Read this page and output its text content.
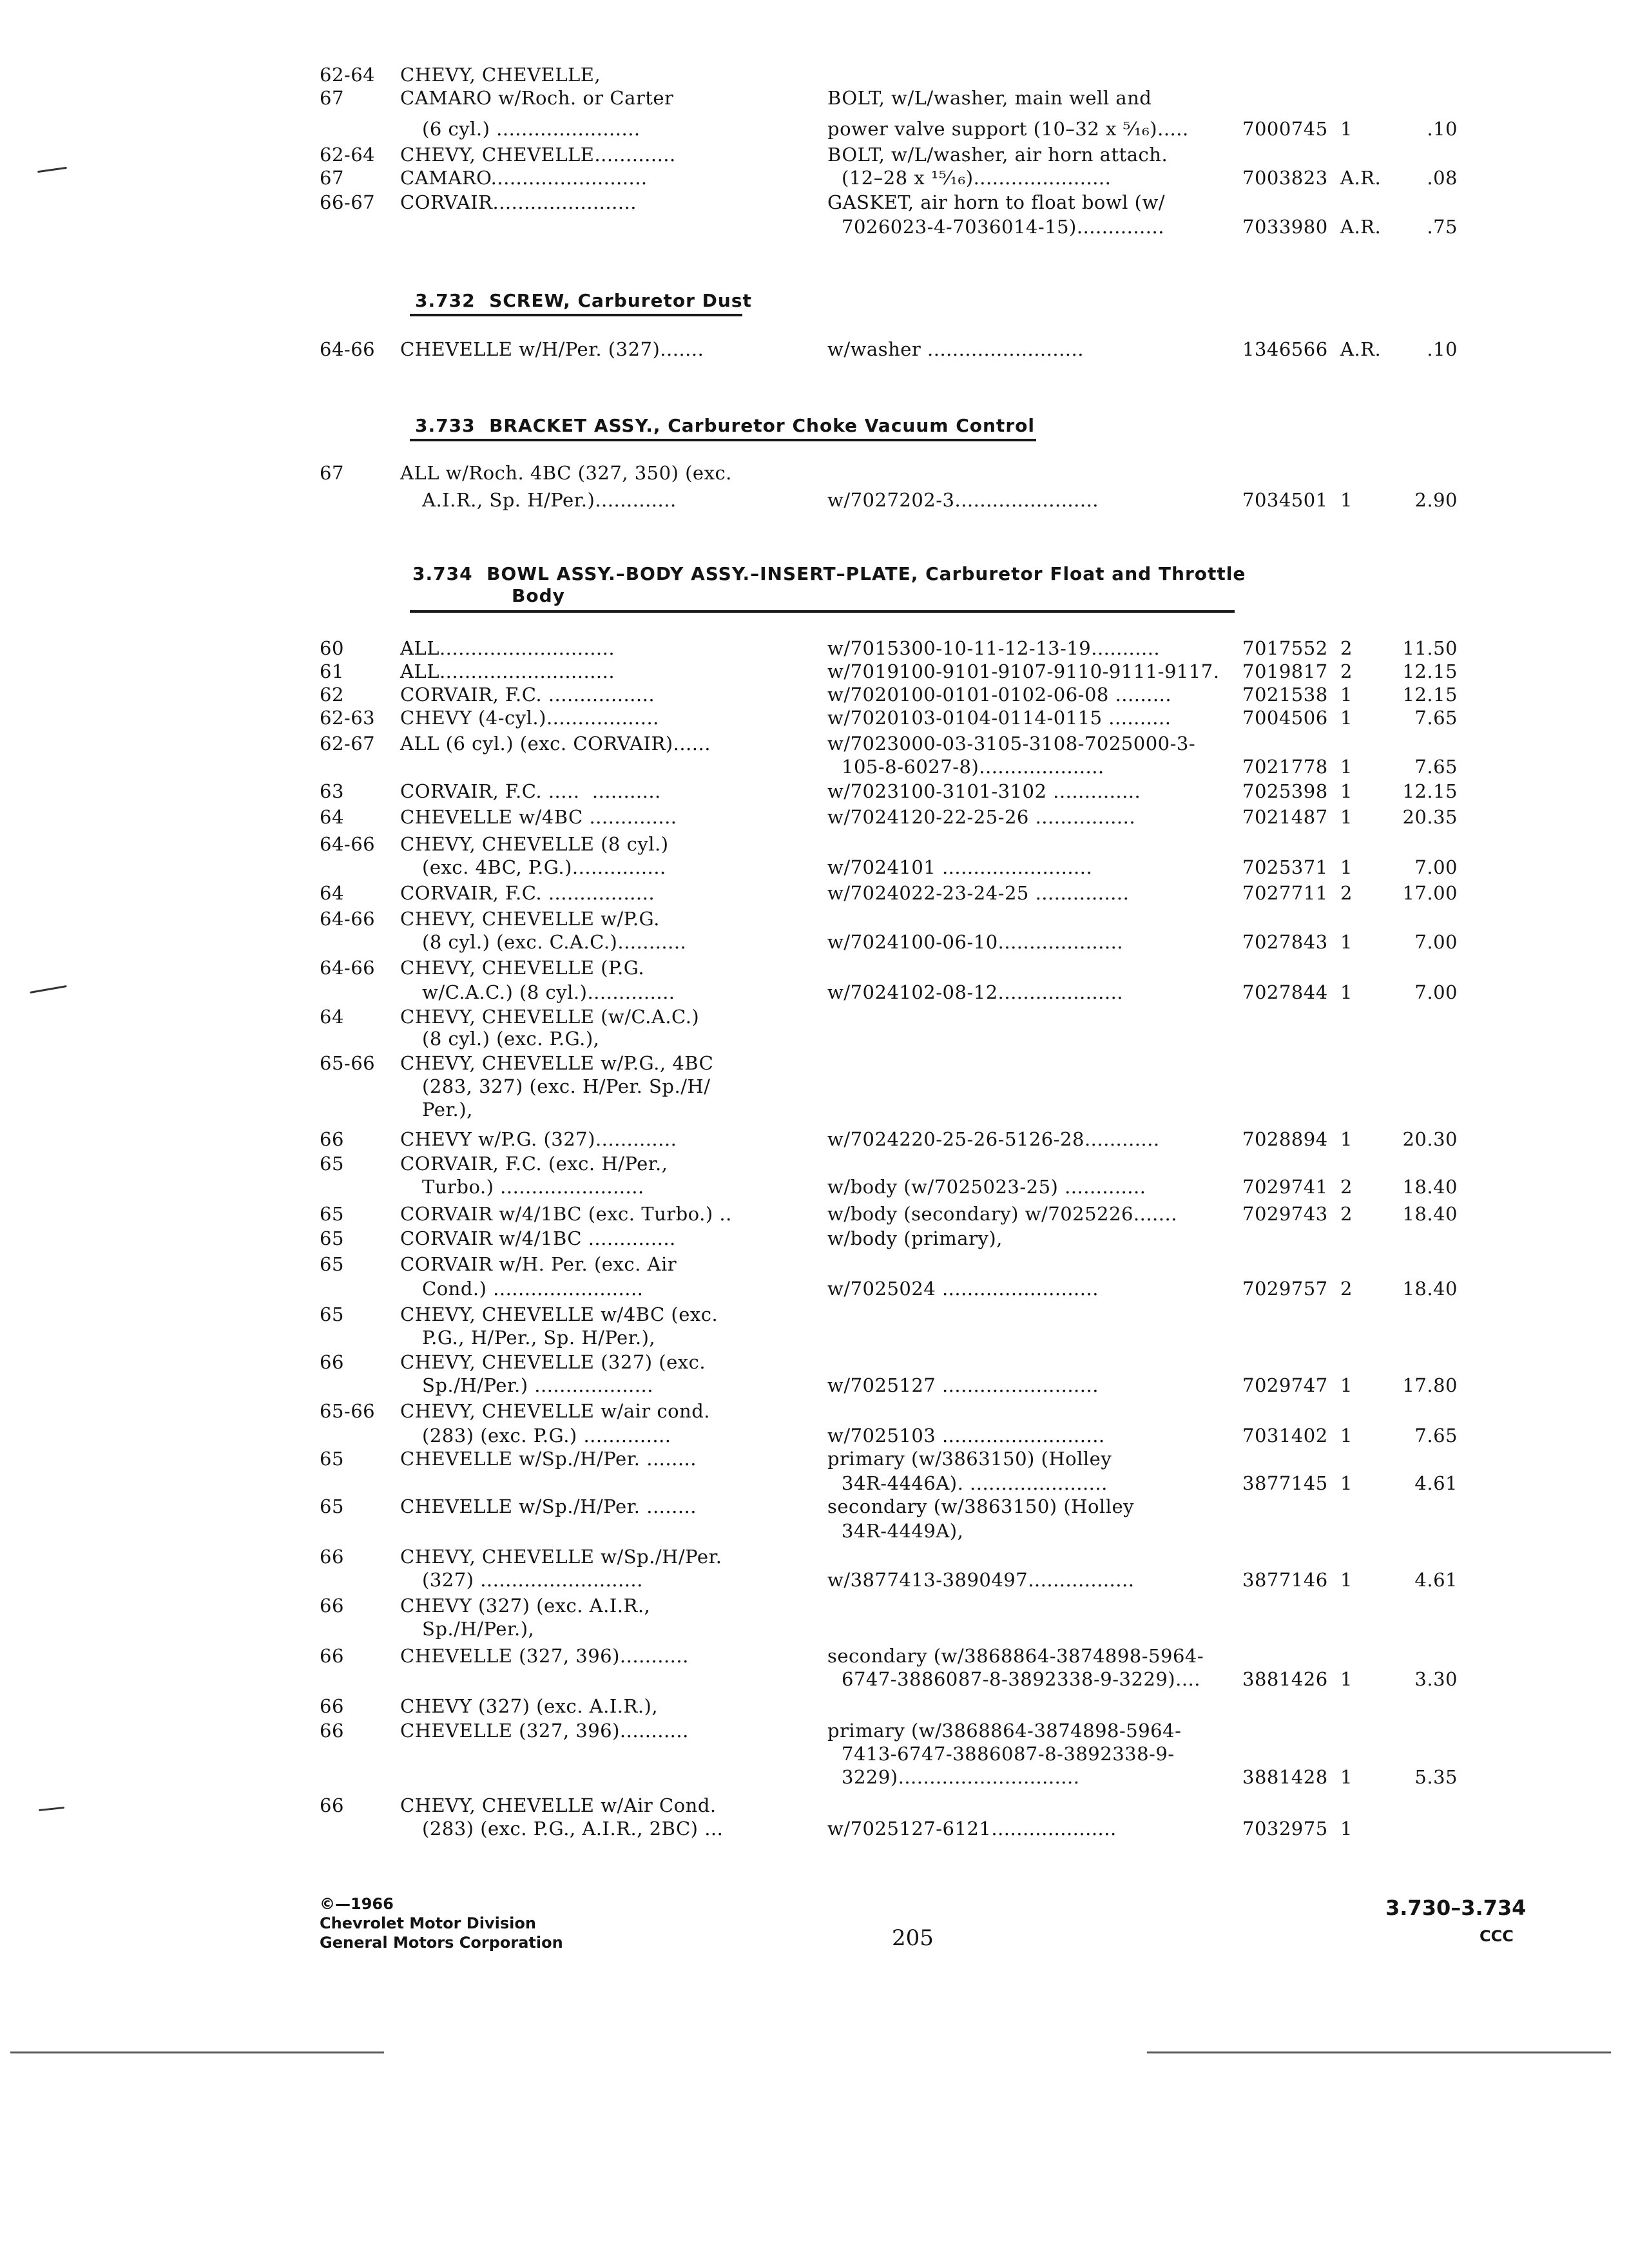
62-64 CHEVY, CHEVELLE,
67	CAMARO w/Roch. or Carter	BOLT, w/L/washer, main well and
(6 cyl.) .......................	power valve support (10–32 x ⁵⁄₁₆).....	7000745 1	.10
62-64 CHEVY, CHEVELLE.............	BOLT, w/L/washer, air horn attach.
67	CAMARO.........................	(12–28 x ¹⁵⁄₁₆)......................	7003823 A.R.	.08
66-67 CORVAIR.......................	GASKET, air horn to float bowl (w/
7026023-4-7036014-15)..............	7033980 A.R.	.75
3.732  SCREW, Carburetor Dust
64-66 CHEVELLE w/H/Per. (327).......	w/washer .........................	1346566 A.R.	.10
3.733  BRACKET ASSY., Carburetor Choke Vacuum Control
67	ALL w/Roch. 4BC (327, 350) (exc.
A.I.R., Sp. H/Per.).............	w/7027202-3.......................	7034501 1	2.90
3.734  BOWL ASSY.–BODY ASSY.–INSERT–PLATE, Carburetor Float and Throttle
Body
60	ALL............................	w/7015300-10-11-12-13-19...........	7017552 2	11.50
61	ALL............................	w/7019100-9101-9107-9110-9111-9117. 7019817 2	12.15
62	CORVAIR, F.C. .................	w/7020100-0101-0102-06-08 .........	7021538 1	12.15
62-63 CHEVY (4-cyl.)..................	w/7020103-0104-0114-0115 ..........	7004506 1	7.65
62-67 ALL (6 cyl.) (exc. CORVAIR)......	w/7023000-03-3105-3108-7025000-3-
105-8-6027-8)....................	7021778 1	7.65
63	CORVAIR, F.C. .....  ...........	w/7023100-3101-3102 ..............	7025398 1	12.15
64	CHEVELLE w/4BC ..............	w/7024120-22-25-26 ................	7021487 1	20.35
64-66 CHEVY, CHEVELLE (8 cyl.)
(exc. 4BC, P.G.)...............	w/7024101 ........................	7025371 1	7.00
64	CORVAIR, F.C. .................	w/7024022-23-24-25 ...............	7027711 2	17.00
64-66 CHEVY, CHEVELLE w/P.G.
(8 cyl.) (exc. C.A.C.)...........	w/7024100-06-10....................	7027843 1	7.00
64-66 CHEVY, CHEVELLE (P.G.
w/C.A.C.) (8 cyl.)..............	w/7024102-08-12....................	7027844 1	7.00
64	CHEVY, CHEVELLE (w/C.A.C.)
(8 cyl.) (exc. P.G.),
65-66 CHEVY, CHEVELLE w/P.G., 4BC
(283, 327) (exc. H/Per. Sp./H/
Per.),
66	CHEVY w/P.G. (327).............	w/7024220-25-26-5126-28............	7028894 1	20.30
65	CORVAIR, F.C. (exc. H/Per.,
Turbo.) .......................	w/body (w/7025023-25) .............	7029741 2	18.40
65	CORVAIR w/4/1BC (exc. Turbo.) ..	w/body (secondary) w/7025226.......	7029743 2	18.40
65	CORVAIR w/4/1BC ..............	w/body (primary),
65	CORVAIR w/H. Per. (exc. Air
Cond.) ........................	w/7025024 .........................	7029757 2	18.40
65	CHEVY, CHEVELLE w/4BC (exc.
P.G., H/Per., Sp. H/Per.),
66	CHEVY, CHEVELLE (327) (exc.
Sp./H/Per.) ...................	w/7025127 .........................	7029747 1	17.80
65-66 CHEVY, CHEVELLE w/air cond.
(283) (exc. P.G.) ..............	w/7025103 ..........................	7031402 1	7.65
65	CHEVELLE w/Sp./H/Per. ........	primary (w/3863150) (Holley
34R-4446A). ......................	3877145 1	4.61
65	CHEVELLE w/Sp./H/Per. ........	secondary (w/3863150) (Holley
34R-4449A),
66	CHEVY, CHEVELLE w/Sp./H/Per.
(327) ..........................	w/3877413-3890497.................	3877146 1	4.61
66	CHEVY (327) (exc. A.I.R.,
Sp./H/Per.),
66	CHEVELLE (327, 396)...........	secondary (w/3868864-3874898-5964-
6747-3886087-8-3892338-9-3229).... 3881426 1	3.30
66	CHEVY (327) (exc. A.I.R.),
66	CHEVELLE (327, 396)...........	primary (w/3868864-3874898-5964-
7413-6747-3886087-8-3892338-9-
3229).............................	3881428 1	5.35
66	CHEVY, CHEVELLE w/Air Cond.
(283) (exc. P.G., A.I.R., 2BC) ...	w/7025127-6121....................	7032975 1
©—1966
Chevrolet Motor Division
General Motors Corporation	205
3.730–3.734
CCC
